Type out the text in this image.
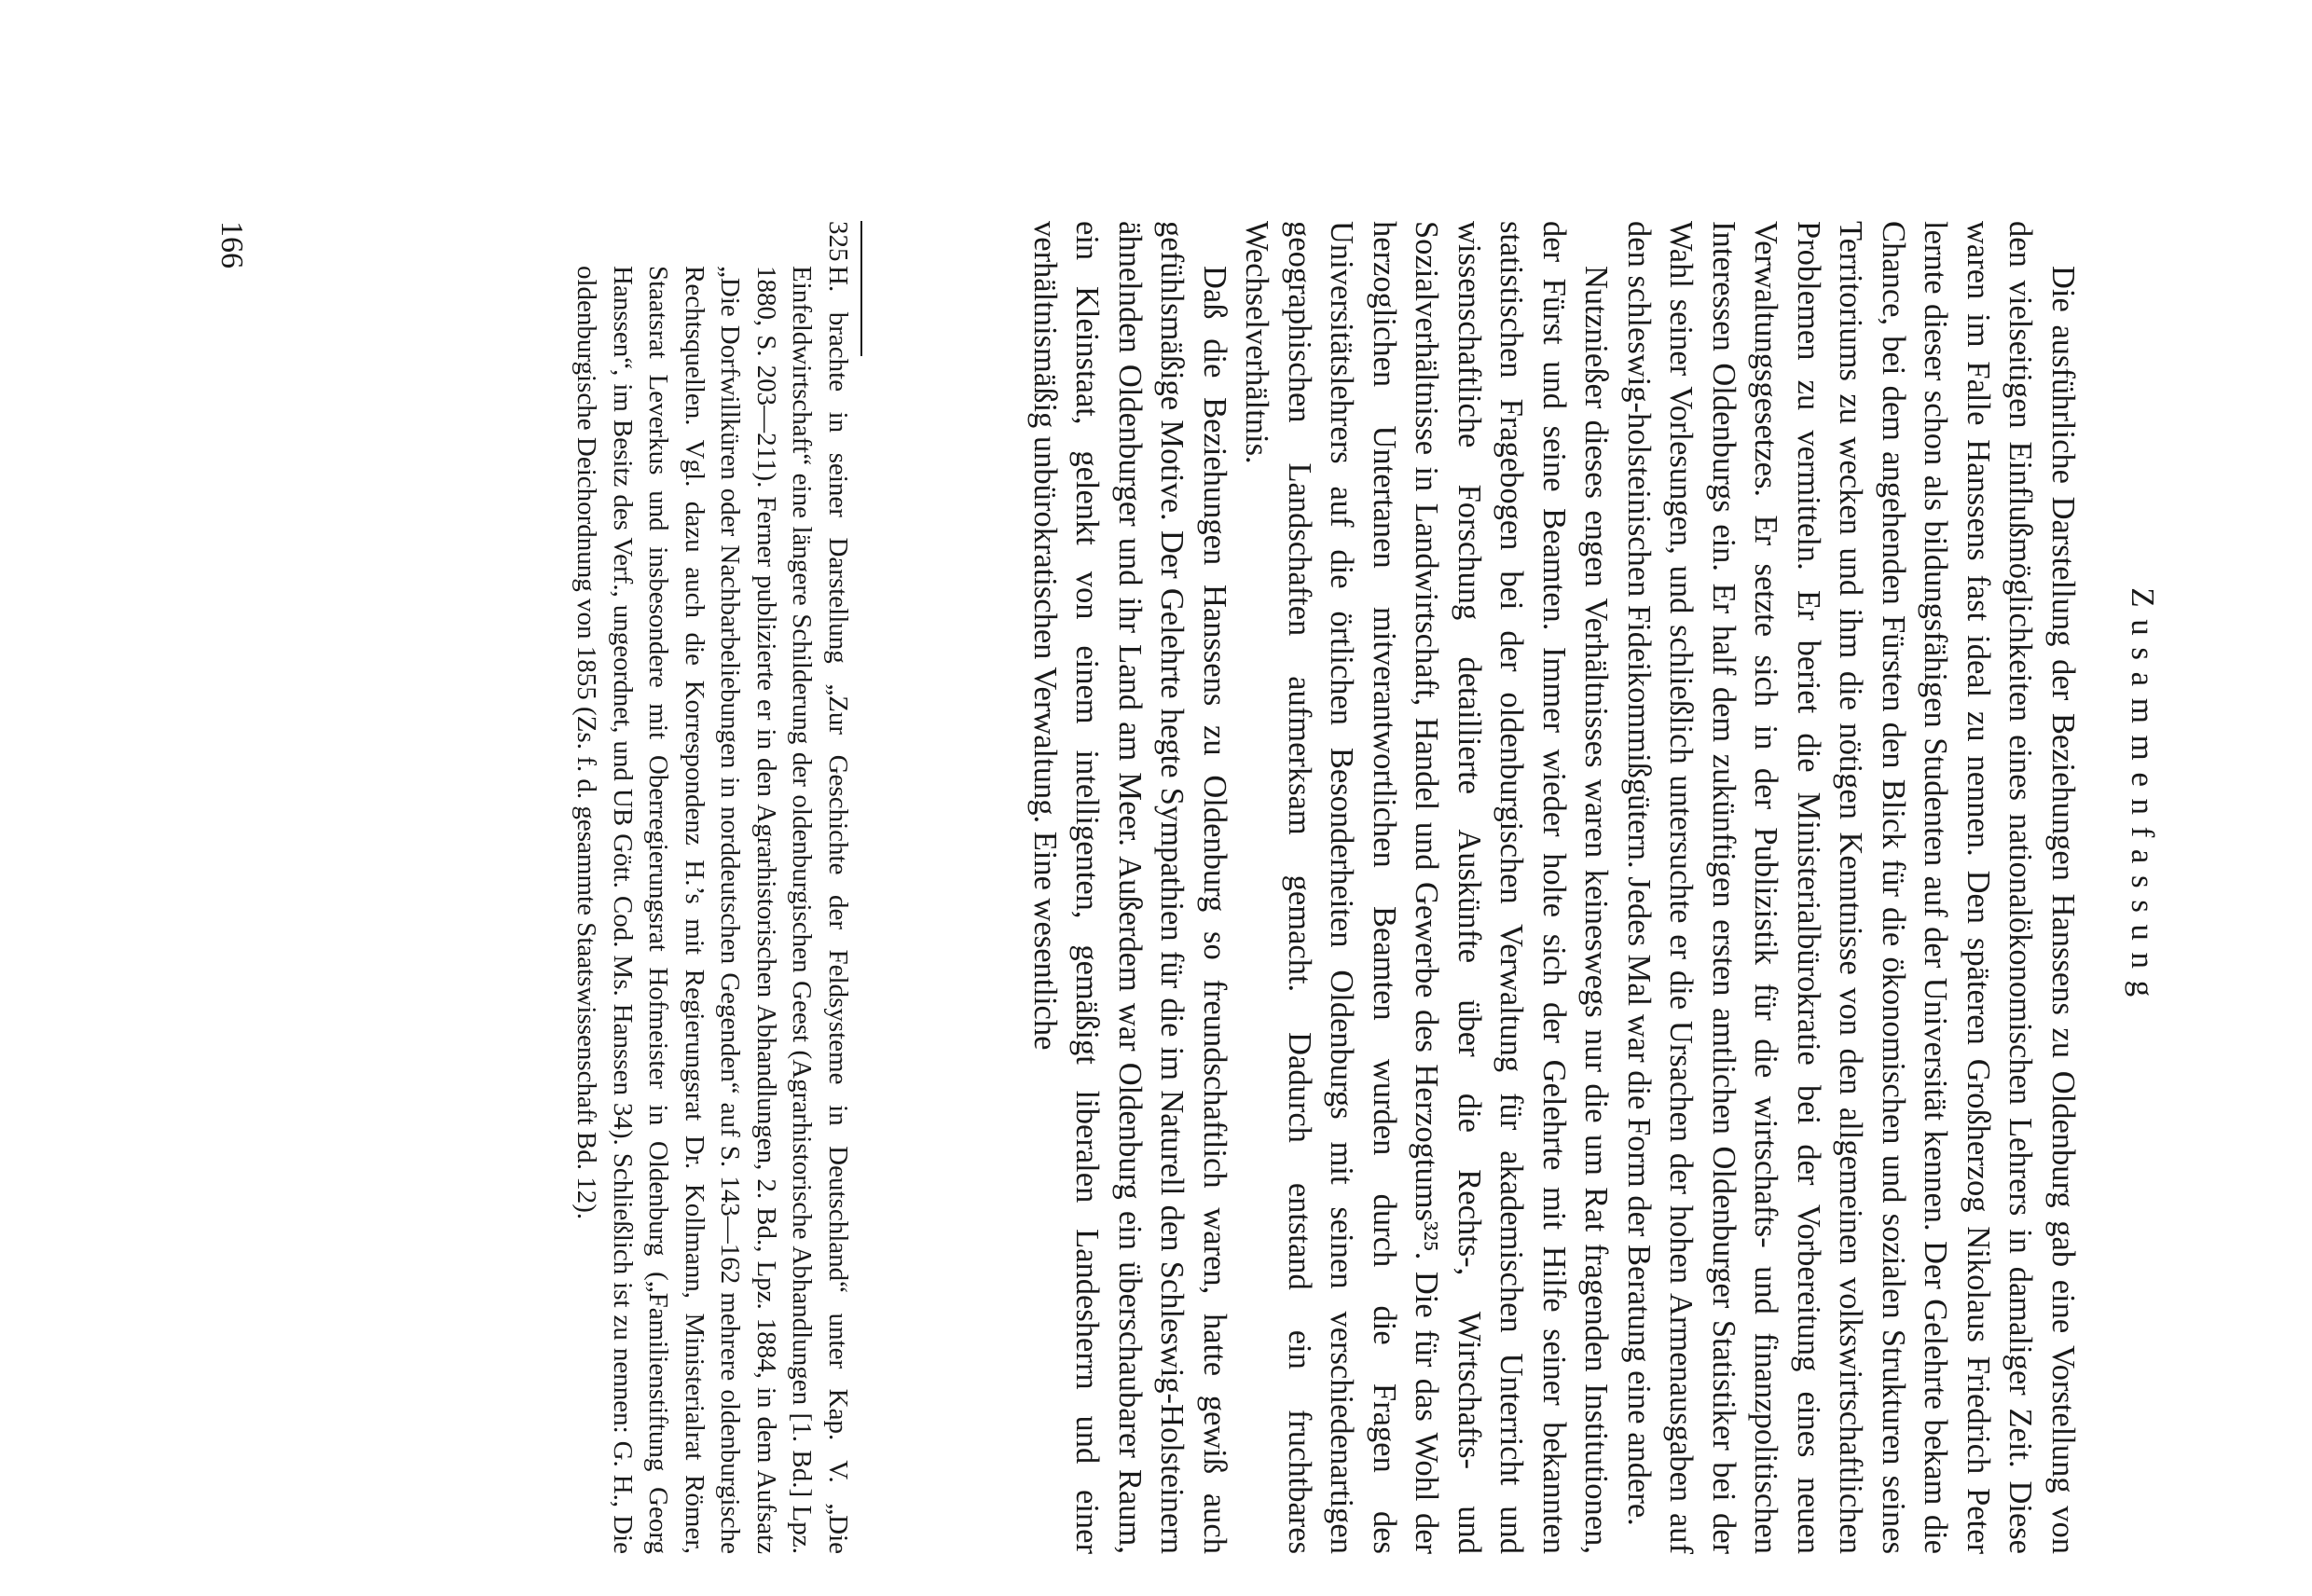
Zusammenfassung

Die ausführliche Darstellung der Beziehungen Hanssens zu Oldenburg gab eine Vorstellung von den vielseitigen Einflußmöglichkeiten eines nationalökonomischen Lehrers in damaliger Zeit. Diese waren im Falle Hanssens fast ideal zu nennen. Den späteren Großherzog Nikolaus Friedrich Peter lernte dieser schon als bildungsfähigen Studenten auf der Universität kennen. Der Gelehrte bekam die Chance, bei dem angehenden Fürsten den Blick für die ökonomischen und sozialen Strukturen seines Territoriums zu wecken und ihm die nötigen Kenntnisse von den allgemeinen volkswirtschaftlichen Problemen zu vermitteln. Er beriet die Ministerialbürokratie bei der Vorbereitung eines neuen Verwaltungsgesetzes. Er setzte sich in der Publizistik für die wirtschafts- und finanzpolitischen Interessen Oldenburgs ein. Er half dem zukünftigen ersten amtlichen Oldenburger Statistiker bei der Wahl seiner Vorlesungen, und schließlich untersuchte er die Ursachen der hohen Armenausgaben auf den schleswig-holsteinischen Fideikommißgütern. Jedes Mal war die Form der Beratung eine andere.

Nutznießer dieses engen Verhältnisses waren keineswegs nur die um Rat fragenden Institutionen, der Fürst und seine Beamten. Immer wieder holte sich der Gelehrte mit Hilfe seiner bekannten statistischen Fragebogen bei der oldenburgischen Verwaltung für akademischen Unterricht und wissenschaftliche Forschung detaillierte Auskünfte über die Rechts-, Wirtschafts- und Sozialverhältnisse in Landwirtschaft, Handel und Gewerbe des Herzogtums³²⁵. Die für das Wohl der herzoglichen Untertanen mitverantwortlichen Beamten wurden durch die Fragen des Universitätslehrers auf die örtlichen Besonderheiten Oldenburgs mit seinen verschiedenartigen geographischen Landschaften aufmerksam gemacht. Dadurch entstand ein fruchtbares Wechselverhältnis.

Daß die Beziehungen Hanssens zu Oldenburg so freundschaftlich waren, hatte gewiß auch gefühlsmäßige Motive. Der Gelehrte hegte Sympathien für die im Naturell den Schleswig-Holsteinern ähnelnden Oldenburger und ihr Land am Meer. Außerdem war Oldenburg ein überschaubarer Raum, ein Kleinstaat, gelenkt von einem intelligenten, gemäßigt liberalen Landesherrn und einer verhältnismäßig unbürokratischen Verwaltung. Eine wesentliche

325
H. brachte in seiner Darstellung „Zur Geschichte der Feldsysteme in Deutschland“ unter Kap. V. „Die Einfeldwirtschaft“ eine längere Schilderung der oldenburgischen Geest (Agrarhistorische Abhandlungen [1. Bd.] Lpz. 1880, S. 203—211). Ferner publizierte er in den Agrarhistorischen Abhandlungen, 2. Bd., Lpz. 1884, in dem Aufsatz „Die Dorfwillküren oder Nachbarbeliebungen in norddeutschen Gegenden“ auf S. 143—162 mehrere oldenburgische Rechtsquellen. Vgl. dazu auch die Korrespondenz H.’s mit Regierungsrat Dr. Kollmann, Ministerialrat Römer, Staatsrat Leverkus und insbesondere mit Oberregierungsrat Hofmeister in Oldenburg („Familienstiftung Georg Hanssen“, im Besitz des Verf., ungeordnet, und UB Gött. Cod. Ms. Hanssen 34). Schließlich ist zu nennen: G. H., Die oldenburgische Deichordnung von 1855 (Zs. f. d. gesammte Staatswissenschaft Bd. 12).
166
